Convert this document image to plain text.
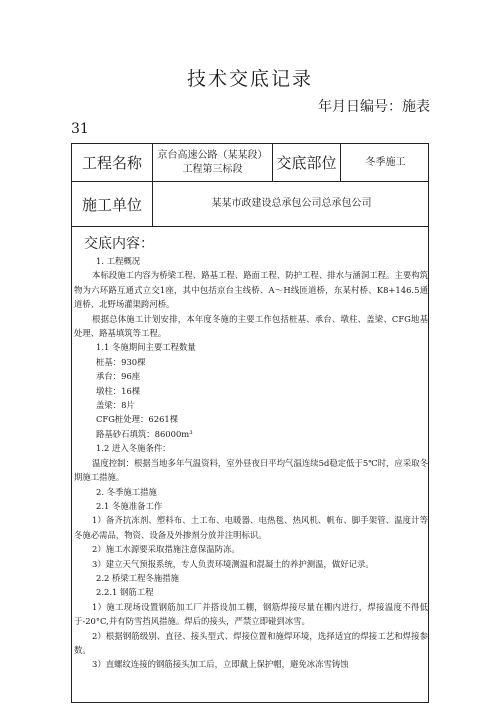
技术交底记录
年月日编号：施表
31
工程名称	京台高速公路（某某段）工程第三标段	交底部位	冬季施工
施工单位	某某市政建设总承包公司总承包公司
交底内容：
1. 工程概况
本标段施工内容为桥梁工程、路基工程、路面工程、防护工程、排水与涵洞工程。主要构筑物为六环路互通式立交1座，其中包括京台主线桥、A～H线匝道桥，东某村桥、K8+146.5通道桥、北野场灌渠跨河桥。
根据总体施工计划安排，本年度冬施的主要工作包括桩基、承台、墩柱、盖梁、CFG地基处理、路基填筑等工程。
1.1 冬施期间主要工程数量
桩基：930棵
承台：96座
墩柱：16棵
盖梁：8片
CFG桩处理：6261棵
路基砂石填筑：86000m³
1.2 进入冬施条件：
温度控制：根据当地多年气温资料，室外昼夜日平均气温连续5d稳定低于5℃时，应采取冬期施工措施。
2. 冬季施工措施
2.1 冬施准备工作
1）备齐抗冻剂、塑料布、土工布、电暖器、电热毯、热风机、帆布、脚手架管、温度计等冬施必需品，物资、设备及外掺剂分放并注明标识。
2）施工水源要采取措施注意保温防冻。
3）建立天气预报系统，专人负责环境测温和混凝土的养护测温，做好记录。
2.2 桥梁工程冬施措施
2.2.1 钢筋工程
1）施工现场设置钢筋加工厂并搭设加工棚，钢筋焊接尽量在棚内进行，焊接温度不得低于-20°C,并有防雪挡风措施。焊后的接头，严禁立即碰到冰雪。
2）根据钢筋级别、直径、接头型式、焊接位置和施焊环境，选择适宜的焊接工艺和焊接参数。
3）直螺纹连接的钢筋接头加工后，立即戴上保护帽，避免冰冻雪铸蚀
